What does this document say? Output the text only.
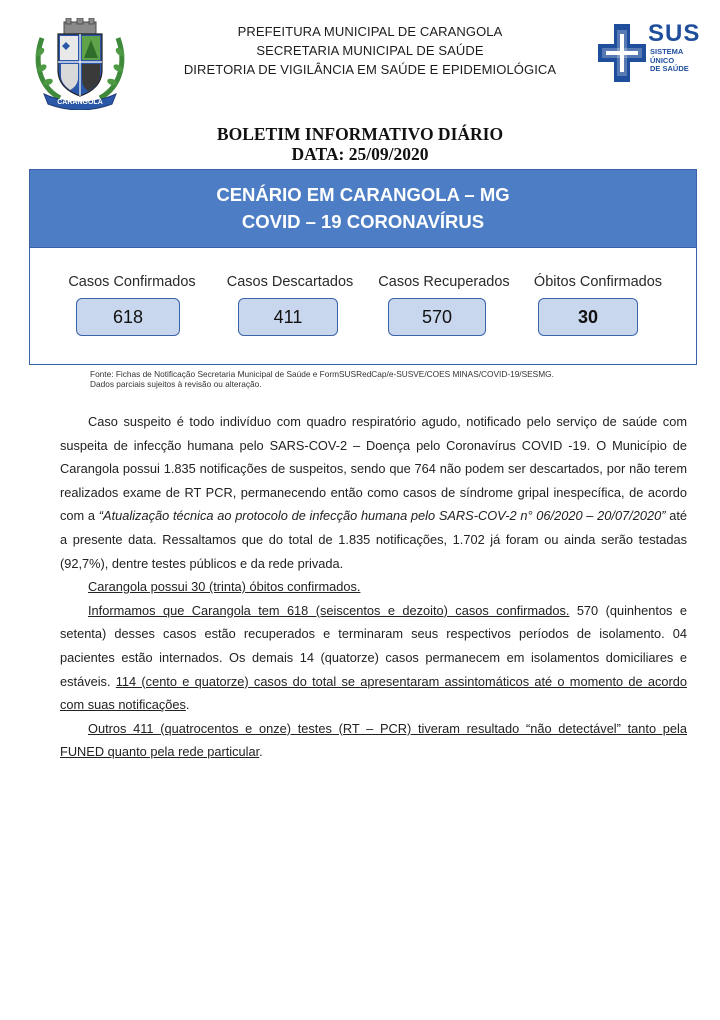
CARANGOLA
PREFEITURA MUNICIPAL DE CARANGOLA
SECRETARIA MUNICIPAL DE SAÚDE
DIRETORIA DE VIGILÂNCIA EM SAÚDE E EPIDEMIOLÓGICA
SUS
SISTEMA
ÚNICO
DE SAÚDE
BOLETIM INFORMATIVO DIÁRIO
DATA: 25/09/2020
CENÁRIO EM CARANGOLA – MG
COVID – 19 CORONAVÍRUS
Casos Confirmados
618
Casos Descartados
411
Casos Recuperados
570
Óbitos Confirmados
30
Fonte: Fichas de Notificação Secretaria Municipal de Saúde e FormSUSRedCap/e-SUSVE/COES MINAS/COVID-19/SESMG.
Dados parciais sujeitos à revisão ou alteração.

Caso suspeito é todo indivíduo com quadro respiratório agudo, notificado pelo serviço de saúde com suspeita de infecção humana pelo SARS-COV-2 – Doença pelo Coronavírus COVID -19. O Município de Carangola possui 1.835 notificações de suspeitos, sendo que 764 não podem ser descartados, por não terem realizados exame de RT PCR, permanecendo então como casos de síndrome gripal inespecífica, de acordo com a “Atualização técnica ao protocolo de infecção humana pelo SARS-COV-2 n° 06/2020 – 20/07/2020” até a presente data. Ressaltamos que do total de 1.835 notificações, 1.702 já foram ou ainda serão testadas (92,7%), dentre testes públicos e da rede privada.

Carangola possui 30 (trinta) óbitos confirmados.

Informamos que Carangola tem 618 (seiscentos e dezoito) casos confirmados. 570 (quinhentos e setenta) desses casos estão recuperados e terminaram seus respectivos períodos de isolamento. 04 pacientes estão internados. Os demais 14 (quatorze) casos permanecem em isolamentos domiciliares e estáveis. 114 (cento e quatorze) casos do total se apresentaram assintomáticos até o momento de acordo com suas notificações.

Outros 411 (quatrocentos e onze) testes (RT – PCR) tiveram resultado “não detectável” tanto pela FUNED quanto pela rede particular.
